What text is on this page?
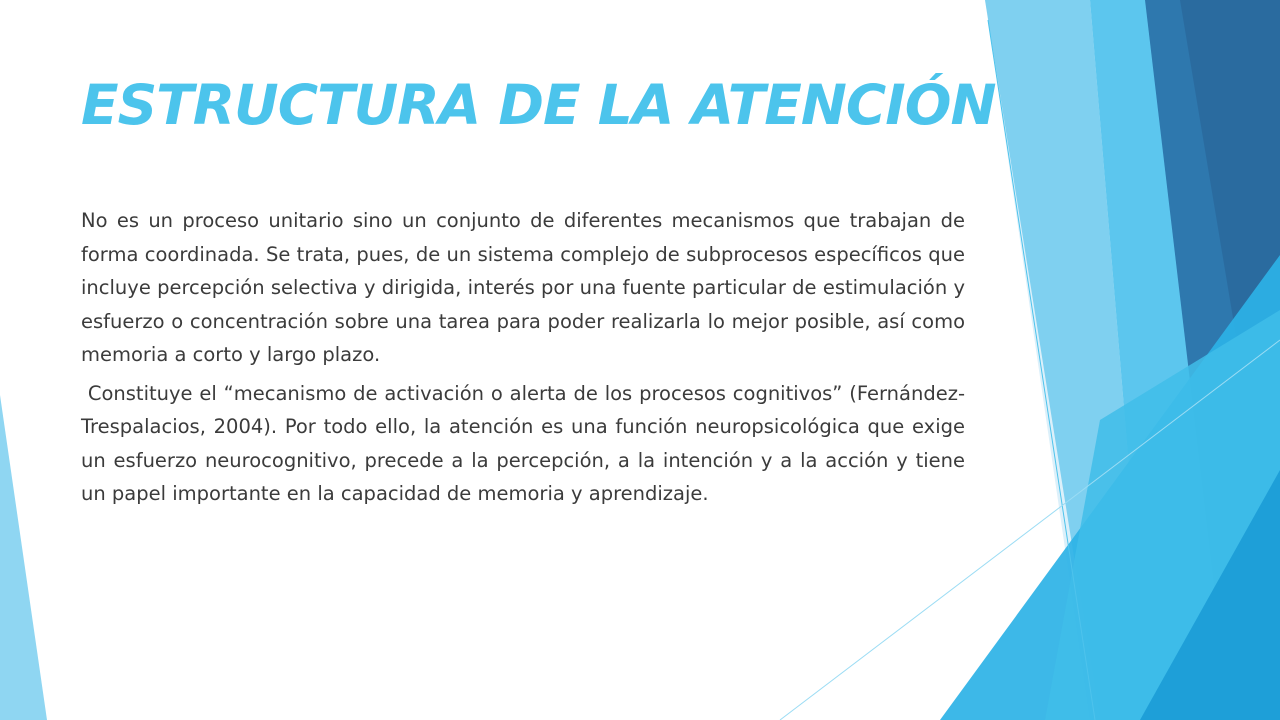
ESTRUCTURA DE LA ATENCIÓN

No es un proceso unitario sino un conjunto de diferentes mecanismos que trabajan de forma coordinada. Se trata, pues, de un sistema complejo de subprocesos específicos que incluye percepción selectiva y dirigida, interés por una fuente particular de estimulación y esfuerzo o concentración sobre una tarea para poder realizarla lo mejor posible, así como memoria a corto y largo plazo.

Constituye el “mecanismo de activación o alerta de los procesos cognitivos” (Fernández-Trespalacios, 2004). Por todo ello, la atención es una función neuropsicológica que exige un esfuerzo neurocognitivo, precede a la percepción, a la intención y a la acción y tiene un papel importante en la capacidad de memoria y aprendizaje.
